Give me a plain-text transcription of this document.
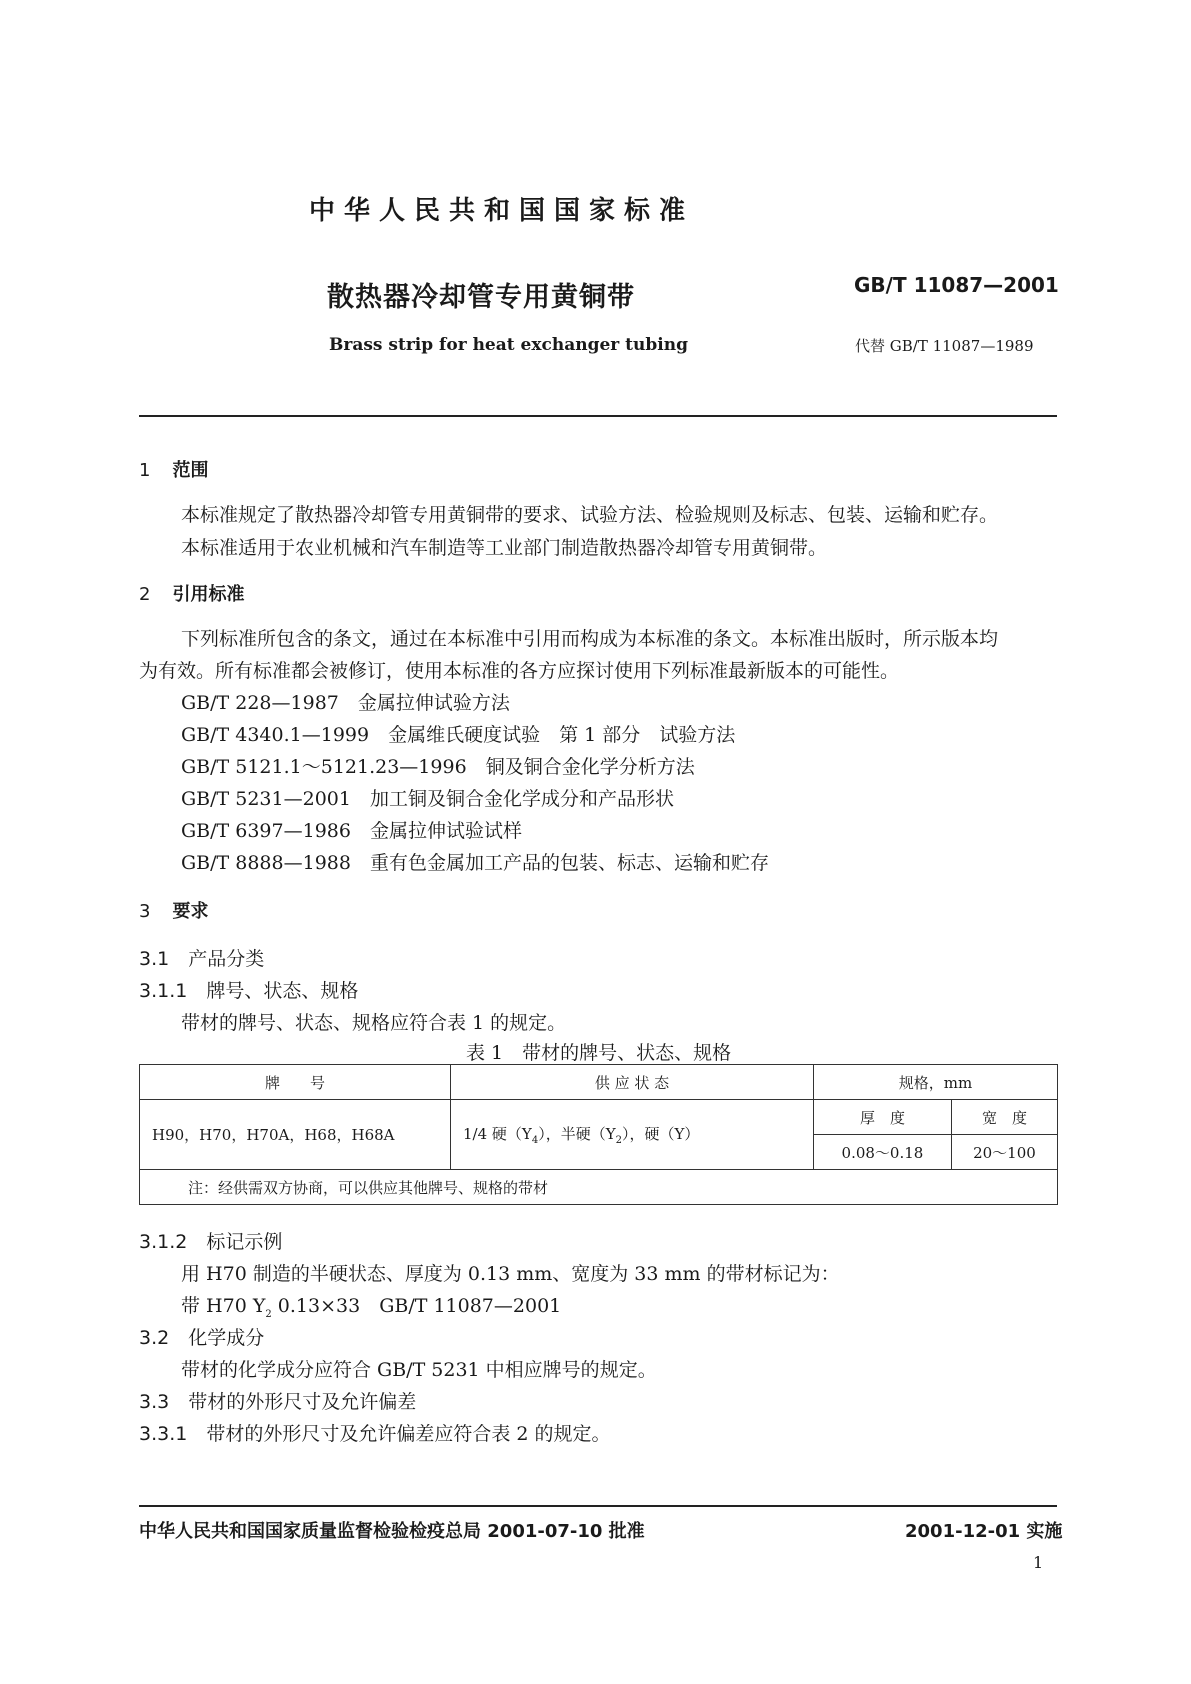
中华人民共和国国家标准
散热器冷却管专用黄铜带	GB/T 11087—2001
Brass strip for heat exchanger tubing	代替 GB/T 11087—1989
1 范围
本标准规定了散热器冷却管专用黄铜带的要求、试验方法、检验规则及标志、包装、运输和贮存。
本标准适用于农业机械和汽车制造等工业部门制造散热器冷却管专用黄铜带。
2 引用标准
下列标准所包含的条文，通过在本标准中引用而构成为本标准的条文。本标准出版时，所示版本均
为有效。所有标准都会被修订，使用本标准的各方应探讨使用下列标准最新版本的可能性。
GB/T 228—1987　 金属拉伸试验方法
GB/T 4340.1—1999　 金属维氏硬度试验　第 1 部分　试验方法
GB/T 5121.1～5121.23—1996　 铜及铜合金化学分析方法
GB/T 5231—2001　 加工铜及铜合金化学成分和产品形状
GB/T 6397—1986　 金属拉伸试验试样
GB/T 8888—1988　 重有色金属加工产品的包装、标志、运输和贮存
3 要求
3.1　 产品分类
3.1.1　 牌号、状态、规格
带材的牌号、状态、规格应符合表 1 的规定。
表 1　带材的牌号、状态、规格
牌　　号	供 应 状 态	规格，mm	
H90，H70，H70A，H68，H68A	1/4 硬$(Y_4)$，半硬$(Y_2)$，硬（Y）	厚　度	宽　度
		0.08～0.18	20～100
注：经供需双方协商，可以供应其他牌号、规格的带材			
3.1.2　 标记示例
用 H70 制造的半硬状态、厚度为 0.13 mm、宽度为 33 mm 的带材标记为：
带 H70 $Y_2$ 0.13×33　GB/T 11087—2001
3.2　 化学成分
带材的化学成分应符合 GB/T 5231 中相应牌号的规定。
3.3　 带材的外形尺寸及允许偏差
3.3.1　 带材的外形尺寸及允许偏差应符合表 2 的规定。
中华人民共和国国家质量监督检验检疫总局 2001-07-10 批准	2001-12-01 实施
1
